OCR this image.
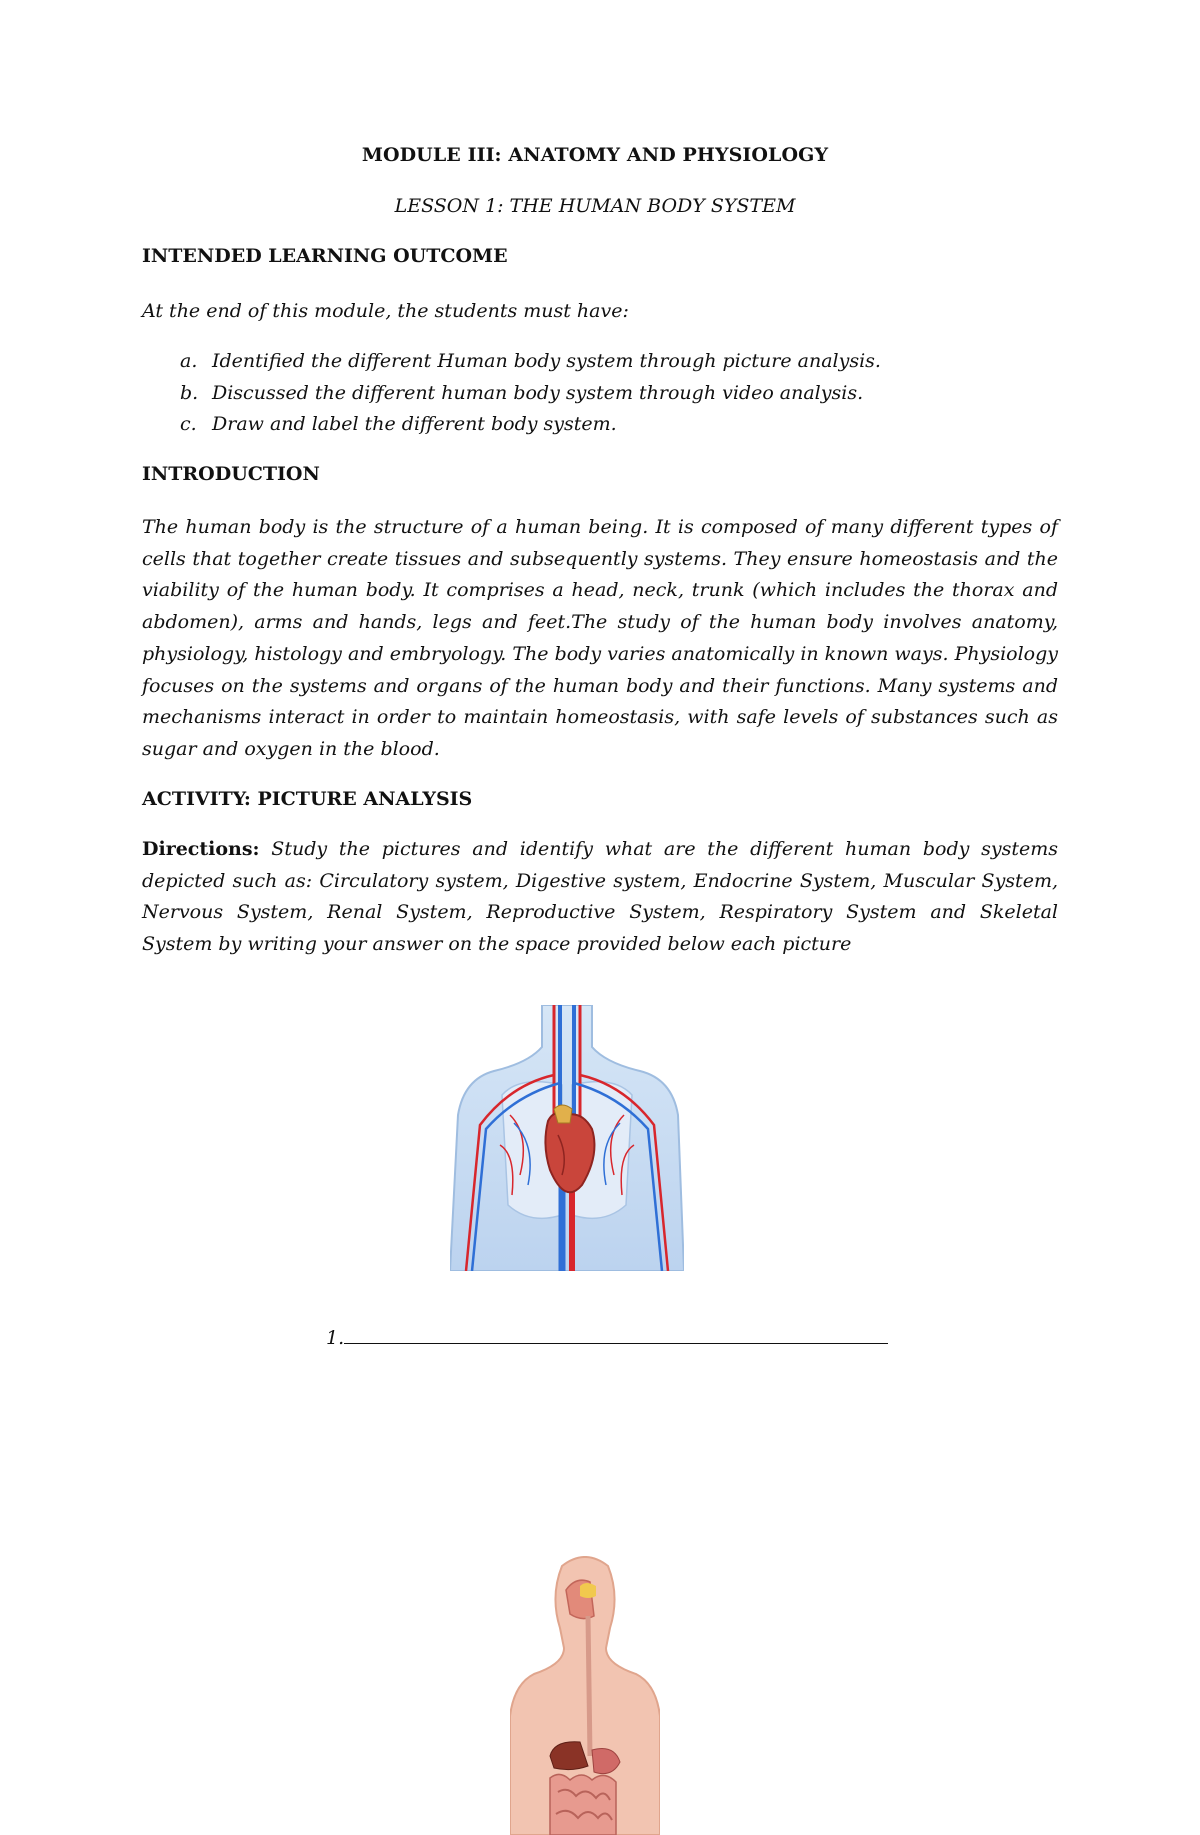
MODULE III: ANATOMY AND PHYSIOLOGY
LESSON 1: THE HUMAN BODY SYSTEM
INTENDED LEARNING OUTCOME
At the end of this module, the students must have:
a. Identified the different Human body system through picture analysis.
b. Discussed the different human body system through video analysis.
c. Draw and label the different body system.
INTRODUCTION
The human body is the structure of a human being. It is composed of many different types of cells that together create tissues and subsequently systems. They ensure homeostasis and the viability of the human body. It comprises a head, neck, trunk (which includes the thorax and abdomen), arms and hands, legs and feet.The study of the human body involves anatomy, physiology, histology and embryology. The body varies anatomically in known ways. Physiology focuses on the systems and organs of the human body and their functions. Many systems and mechanisms interact in order to maintain homeostasis, with safe levels of substances such as sugar and oxygen in the blood.
ACTIVITY: PICTURE ANALYSIS
Directions: Study the pictures and identify what are the different human body systems depicted such as: Circulatory system, Digestive system, Endocrine System, Muscular System, Nervous System, Renal System, Reproductive System, Respiratory System and Skeletal System by writing your answer on the space provided below each picture
1.
